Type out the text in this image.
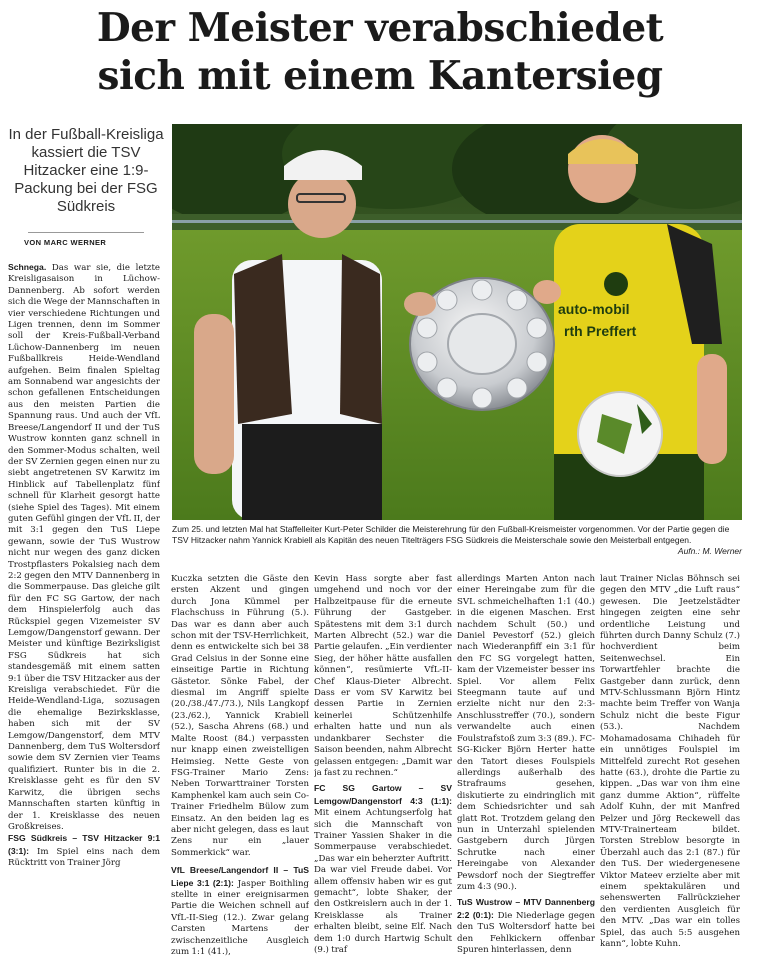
Der Meister verabschiedet
sich mit einem Kantersieg
In der Fußball-Kreisliga kassiert die TSV Hitzacker eine 1:9-Packung bei der FSG Südkreis
VON MARC WERNER

Schnega. Das war sie, die letzte Kreisligasaison in Lüchow-Dannenberg. Ab sofort werden sich die Wege der Mannschaften in vier verschiedene Richtungen und Ligen trennen, denn im Sommer soll der Kreis-Fußball-Verband Lüchow-Dannenberg im neuen Fußballkreis Heide-Wendland aufgehen. Beim finalen Spieltag am Sonnabend war angesichts der schon gefallenen Entscheidungen aus den meisten Partien die Spannung raus. Und auch der VfL Breese/Langendorf II und der TuS Wustrow konnten ganz schnell in den Sommer-Modus schalten, weil der SV Zernien gegen einen nur zu siebt angetretenen SV Karwitz im Hinblick auf Tabellenplatz fünf schnell für Klarheit gesorgt hatte (siehe Spiel des Tages). Mit einem guten Gefühl gingen der VfL II, der mit 3:1 gegen den TuS Liepe gewann, sowie der TuS Wustrow nicht nur wegen des ganz dicken Trostpflasters Pokalsieg nach dem 2:2 gegen den MTV Dannenberg in die Sommerpause. Das gleiche gilt für den FC SG Gartow, der nach dem Hinspielerfolg auch das Rückspiel gegen Vizemeister SV Lemgow/Dangenstorf gewann. Der Meister und künftige Bezirksligist FSG Südkreis hat sich standesgemäß mit einem satten 9:1 über die TSV Hitzacker aus der Kreisliga verabschiedet. Für die Heide-Wendland-Liga, sozusagen die ehemalige Bezirksklasse, haben sich mit der SV Lemgow/Dangenstorf, dem MTV Dannenberg, dem TuS Woltersdorf sowie dem SV Zernien vier Teams qualifiziert. Runter bis in die 2. Kreisklasse geht es für den SV Karwitz, die übrigen sechs Mannschaften starten künftig in der 1. Kreisklasse des neuen Großkreises.

FSG Südkreis – TSV Hitzacker 9:1 (3:1): Im Spiel eins nach dem Rücktritt von Trainer Jörg

auto-mobil
rth Preffert
Zum 25. und letzten Mal hat Staffelleiter Kurt-Peter Schilder die Meisterehrung für den Fußball-Kreismeister vorgenommen. Vor der Partie gegen die TSV Hitzacker nahm Yannick Krabiell als Kapitän des neuen Titelträgers FSG Südkreis die Meisterschale sowie den Meisterball entgegen.
Aufn.: M. Werner

Kuczka setzten die Gäste den ersten Akzent und gingen durch Jona Kümmel per Flachschuss in Führung (5.). Das war es dann aber auch schon mit der TSV-Herrlichkeit, denn es entwickelte sich bei 38 Grad Celsius in der Sonne eine einseitige Partie in Richtung Gästetor. Sönke Fabel, der diesmal im Angriff spielte (20./38./47./73.), Nils Langkopf (23./62.), Yannick Krabiell (52.), Sascha Ahrens (68.) und Malte Roost (84.) verpassten nur knapp einen zweistelligen Heimsieg. Nette Geste von FSG-Trainer Mario Zens: Neben Torwarttrainer Torsten Kamphenkel kam auch sein Co-Trainer Friedhelm Bülow zum Einsatz. An den beiden lag es aber nicht gelegen, dass es laut Zens nur ein „lauer Sommerkick“ war.

VfL Breese/Langendorf II – TuS Liepe 3:1 (2:1): Jasper Boithling stellte in einer ereignisarmen Partie die Weichen schnell auf VfL-II-Sieg (12.). Zwar gelang Carsten Martens der zwischenzeitliche Ausgleich zum 1:1 (41.),

Kevin Hass sorgte aber fast umgehend und noch vor der Halbzeitpause für die erneute Führung der Gastgeber. Spätestens mit dem 3:1 durch Marten Albrecht (52.) war die Partie gelaufen. „Ein verdienter Sieg, der höher hätte ausfallen können“, resümierte VfL-II-Chef Klaus-Dieter Albrecht. Dass er vom SV Karwitz bei dessen Partie in Zernien keinerlei Schützenhilfe erhalten hatte und nun als undankbarer Sechster die Saison beenden, nahm Albrecht gelassen entgegen: „Damit war ja fast zu rechnen.“

FC SG Gartow – SV Lemgow/Dangenstorf 4:3 (1:1): Mit einem Achtungserfolg hat sich die Mannschaft von Trainer Yassien Shaker in die Sommerpause verabschiedet. „Das war ein beherzter Auftritt. Da war viel Freude dabei. Vor allem offensiv haben wir es gut gemacht“, lobte Shaker, der den Ostkreislern auch in der 1. Kreisklasse als Trainer erhalten bleibt, seine Elf. Nach dem 1:0 durch Hartwig Schult (9.) traf

allerdings Marten Anton nach einer Hereingabe zum für die SVL schmeichelhaften 1:1 (40.) in die eigenen Maschen. Erst nachdem Schult (50.) und Daniel Pevestorf (52.) gleich nach Wiederanpfiff ein 3:1 für den FC SG vorgelegt hatten, kam der Vizemeister besser ins Spiel. Vor allem Felix Steegmann taute auf und erzielte nicht nur den 2:3-Anschlusstreffer (70.), sondern verwandelte auch einen Foulstrafstoß zum 3:3 (89.). FC-SG-Kicker Björn Herter hatte den Tatort dieses Foulspiels allerdings außerhalb des Strafraums gesehen, diskutierte zu eindringlich mit dem Schiedsrichter und sah glatt Rot. Trotzdem gelang den nun in Unterzahl spielenden Gastgebern durch Jürgen Schrutke nach einer Hereingabe von Alexander Pewsdorf noch der Siegtreffer zum 4:3 (90.).

TuS Wustrow – MTV Dannenberg 2:2 (0:1): Die Niederlage gegen den TuS Woltersdorf hatte bei den Fehlkickern offenbar Spuren hinterlassen, denn

laut Trainer Niclas Böhnsch sei gegen den MTV „die Luft raus“ gewesen. Die Jeetzelstädter hingegen zeigten eine sehr ordentliche Leistung und führten durch Danny Schulz (7.) hochverdient beim Seitenwechsel. Ein Torwartfehler brachte die Gastgeber dann zurück, denn MTV-Schlussmann Björn Hintz machte beim Treffer von Wanja Schulz nicht die beste Figur (53.). Nachdem Mohamadosama Chihadeh für ein unnötiges Foulspiel im Mittelfeld zurecht Rot gesehen hatte (63.), drohte die Partie zu kippen. „Das war von ihm eine ganz dumme Aktion“, rüffelte Adolf Kuhn, der mit Manfred Pelzer und Jörg Reckewell das MTV-Trainerteam bildet. Torsten Streblow besorgte in Überzahl auch das 2:1 (87.) für den TuS. Der wiedergenesene Viktor Mateev erzielte aber mit einem spektakulären und sehenswerten Fallrückzieher den verdienten Ausgleich für den MTV. „Das war ein tolles Spiel, das auch 5:5 ausgehen kann“, lobte Kuhn.
